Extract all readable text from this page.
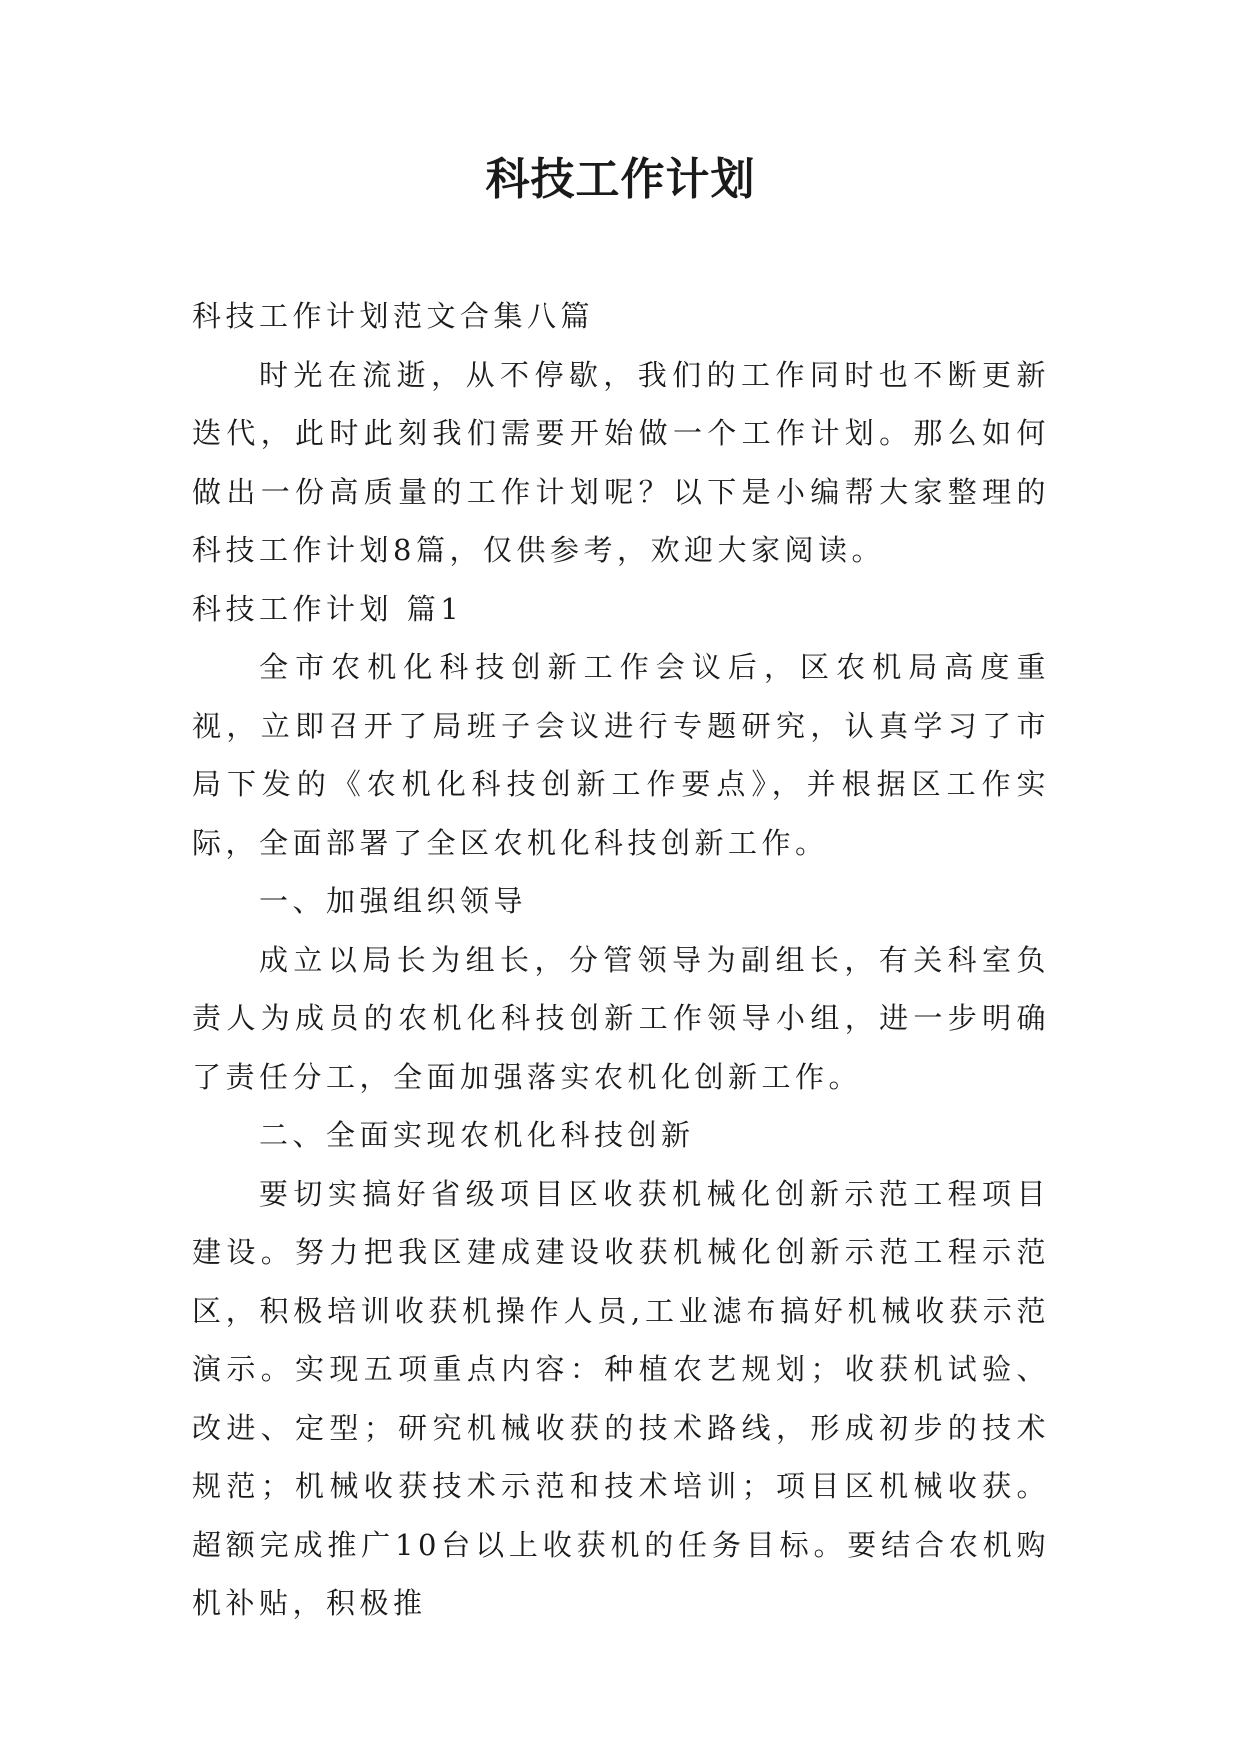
科技工作计划

科技工作计划范文合集八篇

时光在流逝，从不停歇，我们的工作同时也不断更新迭代，此时此刻我们需要开始做一个工作计划。那么如何做出一份高质量的工作计划呢？以下是小编帮大家整理的科技工作计划8篇，仅供参考，欢迎大家阅读。

科技工作计划 篇1

全市农机化科技创新工作会议后，区农机局高度重视，立即召开了局班子会议进行专题研究，认真学习了市局下发的《农机化科技创新工作要点》，并根据区工作实际，全面部署了全区农机化科技创新工作。

一、加强组织领导

成立以局长为组长，分管领导为副组长，有关科室负责人为成员的农机化科技创新工作领导小组，进一步明确了责任分工，全面加强落实农机化创新工作。

二、全面实现农机化科技创新

要切实搞好省级项目区收获机械化创新示范工程项目建设。努力把我区建成建设收获机械化创新示范工程示范区，积极培训收获机操作人员,工业滤布搞好机械收获示范演示。实现五项重点内容：种植农艺规划；收获机试验、改进、定型；研究机械收获的技术路线，形成初步的技术规范；机械收获技术示范和技术培训；项目区机械收获。超额完成推广10台以上收获机的任务目标。要结合农机购机补贴，积极推
